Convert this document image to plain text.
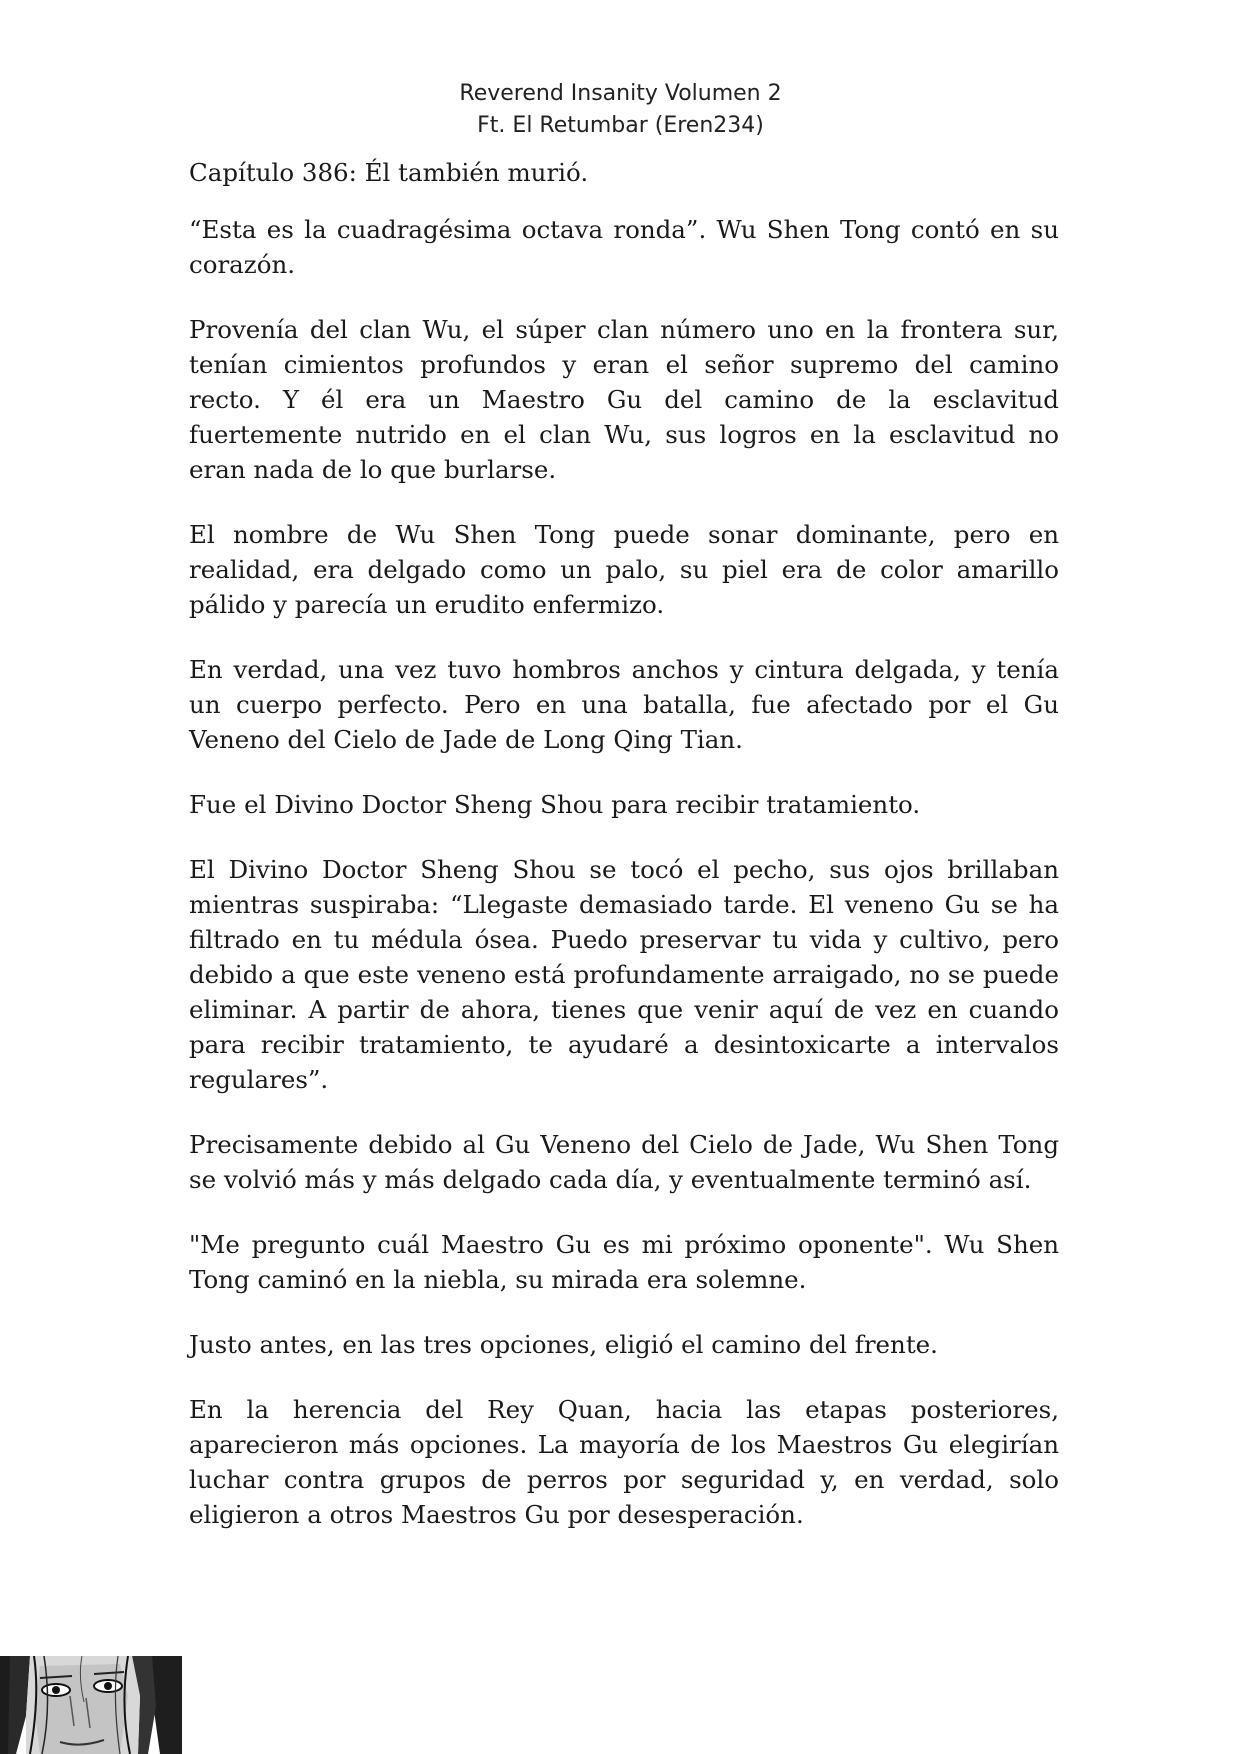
Reverend Insanity Volumen 2
Ft. El Retumbar (Eren234)
Capítulo 386: Él también murió.

“Esta es la cuadragésima octava ronda”. Wu Shen Tong contó en su corazón.

Provenía del clan Wu, el súper clan número uno en la frontera sur, tenían cimientos profundos y eran el señor supremo del camino recto. Y él era un Maestro Gu del camino de la esclavitud fuertemente nutrido en el clan Wu, sus logros en la esclavitud no eran nada de lo que burlarse.

El nombre de Wu Shen Tong puede sonar dominante, pero en realidad, era delgado como un palo, su piel era de color amarillo pálido y parecía un erudito enfermizo.

En verdad, una vez tuvo hombros anchos y cintura delgada, y tenía un cuerpo perfecto. Pero en una batalla, fue afectado por el Gu Veneno del Cielo de Jade de Long Qing Tian.

Fue el Divino Doctor Sheng Shou para recibir tratamiento.

El Divino Doctor Sheng Shou se tocó el pecho, sus ojos brillaban mientras suspiraba: “Llegaste demasiado tarde. El veneno Gu se ha filtrado en tu médula ósea. Puedo preservar tu vida y cultivo, pero debido a que este veneno está profundamente arraigado, no se puede eliminar. A partir de ahora, tienes que venir aquí de vez en cuando para recibir tratamiento, te ayudaré a desintoxicarte a intervalos regulares”.

Precisamente debido al Gu Veneno del Cielo de Jade, Wu Shen Tong se volvió más y más delgado cada día, y eventualmente terminó así.

"Me pregunto cuál Maestro Gu es mi próximo oponente". Wu Shen Tong caminó en la niebla, su mirada era solemne.

Justo antes, en las tres opciones, eligió el camino del frente.

En la herencia del Rey Quan, hacia las etapas posteriores, aparecieron más opciones. La mayoría de los Maestros Gu elegirían luchar contra grupos de perros por seguridad y, en verdad, solo eligieron a otros Maestros Gu por desesperación.
